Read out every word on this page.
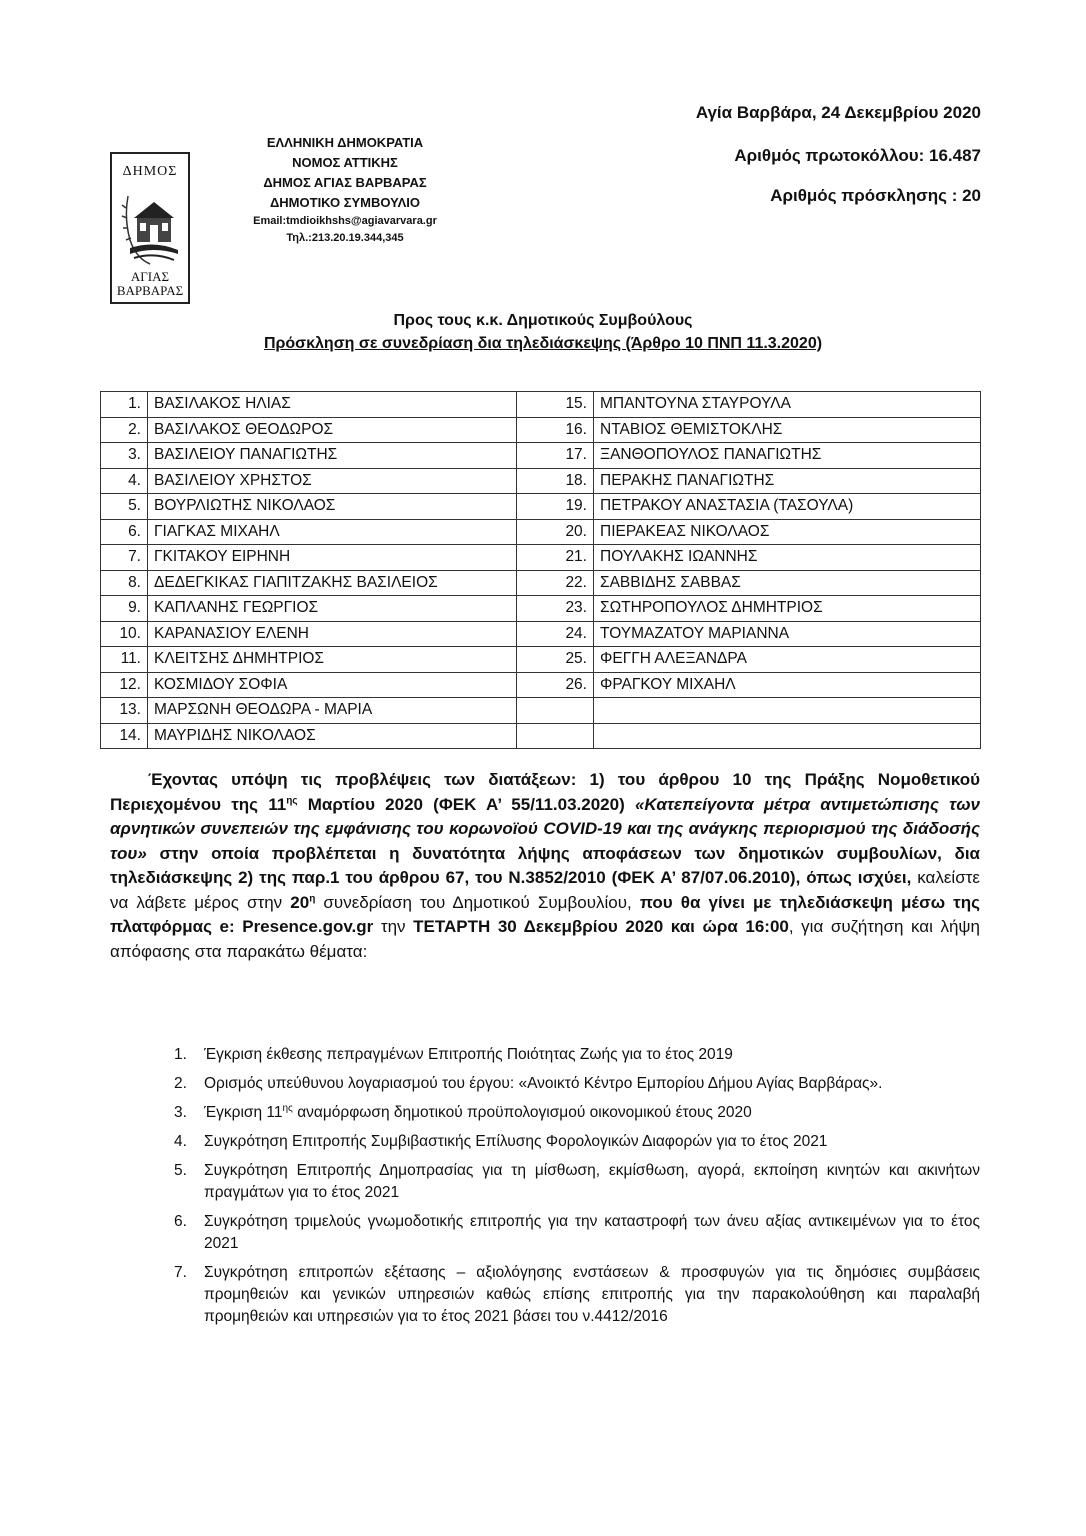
Αγία Βαρβάρα, 24 Δεκεμβρίου 2020
Αριθμός πρωτοκόλλου: 16.487
Αριθμός πρόσκλησης : 20
ΔΗΜΟΣ
ΑΓΙΑΣ
ΒΑΡΒΑΡΑΣ
ΕΛΛΗΝΙΚΗ ΔΗΜΟΚΡΑΤΙΑ
ΝΟΜΟΣ ΑΤΤΙΚΗΣ
ΔΗΜΟΣ ΑΓΙΑΣ ΒΑΡΒΑΡΑΣ
ΔΗΜΟΤΙΚΟ ΣΥΜΒΟΥΛΙΟ
Email:tmdioikhshs@agiavarvara.gr
Τηλ.:213.20.19.344,345
Προς τους κ.κ. Δημοτικούς Συμβούλους
Πρόσκληση σε συνεδρίαση δια τηλεδιάσκεψης (Άρθρο 10 ΠΝΠ 11.3.2020)
1.	ΒΑΣΙΛΑΚΟΣ ΗΛΙΑΣ	15.	ΜΠΑΝΤΟΥΝΑ ΣΤΑΥΡΟΥΛΑ
2.	ΒΑΣΙΛΑΚΟΣ ΘΕΟΔΩΡΟΣ	16.	ΝΤΑΒΙΟΣ ΘΕΜΙΣΤΟΚΛΗΣ
3.	ΒΑΣΙΛΕΙΟΥ ΠΑΝΑΓΙΩΤΗΣ	17.	ΞΑΝΘΟΠΟΥΛΟΣ ΠΑΝΑΓΙΩΤΗΣ
4.	ΒΑΣΙΛΕΙΟΥ ΧΡΗΣΤΟΣ	18.	ΠΕΡΑΚΗΣ ΠΑΝΑΓΙΩΤΗΣ
5.	ΒΟΥΡΛΙΩΤΗΣ ΝΙΚΟΛΑΟΣ	19.	ΠΕΤΡΑΚΟΥ ΑΝΑΣΤΑΣΙΑ (ΤΑΣΟΥΛΑ)
6.	ΓΙΑΓΚΑΣ ΜΙΧΑΗΛ	20.	ΠΙΕΡΑΚΕΑΣ ΝΙΚΟΛΑΟΣ
7.	ΓΚΙΤΑΚΟΥ ΕΙΡΗΝΗ	21.	ΠΟΥΛΑΚΗΣ ΙΩΑΝΝΗΣ
8.	ΔΕΔΕΓΚΙΚΑΣ ΓΙΑΠΙΤΖΑΚΗΣ ΒΑΣΙΛΕΙΟΣ	22.	ΣΑΒΒΙΔΗΣ ΣΑΒΒΑΣ
9.	ΚΑΠΛΑΝΗΣ ΓΕΩΡΓΙΟΣ	23.	ΣΩΤΗΡΟΠΟΥΛΟΣ ΔΗΜΗΤΡΙΟΣ
10.	ΚΑΡΑΝΑΣΙΟΥ ΕΛΕΝΗ	24.	ΤΟΥΜΑΖΑΤΟΥ ΜΑΡΙΑΝΝΑ
11.	ΚΛΕΙΤΣΗΣ ΔΗΜΗΤΡΙΟΣ	25.	ΦΕΓΓΗ ΑΛΕΞΑΝΔΡΑ
12.	ΚΟΣΜΙΔΟΥ ΣΟΦΙΑ	26.	ΦΡΑΓΚΟΥ ΜΙΧΑΗΛ
13.	ΜΑΡΣΩΝΗ ΘΕΟΔΩΡΑ - ΜΑΡΙΑ		
14.	ΜΑΥΡΙΔΗΣ ΝΙΚΟΛΑΟΣ		
Έχοντας υπόψη τις προβλέψεις των διατάξεων: 1) του άρθρου 10 της Πράξης Νομοθετικού Περιεχομένου της $11^{\eta\varsigma}$ Μαρτίου 2020 (ΦΕΚ Α’ 55/11.03.2020) «Κατεπείγοντα μέτρα αντιμετώπισης των αρνητικών συνεπειών της εμφάνισης του κορωνοϊού COVID-19 και της ανάγκης περιορισμού της διάδοσής του» στην οποία προβλέπεται η δυνατότητα λήψης αποφάσεων των δημοτικών συμβουλίων, δια τηλεδιάσκεψης 2) της παρ.1 του άρθρου 67, του Ν.3852/2010 (ΦΕΚ Α’ 87/07.06.2010), όπως ισχύει, καλείστε να λάβετε μέρος στην $20^\eta$ συνεδρίαση του Δημοτικού Συμβουλίου, που θα γίνει με τηλεδιάσκεψη μέσω της πλατφόρμας e: Presence.gov.gr την ΤΕΤΑΡΤΗ 30 Δεκεμβρίου 2020 και ώρα 16:00, για συζήτηση και λήψη απόφασης στα παρακάτω θέματα:
1. Έγκριση έκθεσης πεπραγμένων Επιτροπής Ποιότητας Ζωής για το έτος 2019
2. Ορισμός υπεύθυνου λογαριασμού του έργου: «Ανοικτό Κέντρο Εμπορίου Δήμου Αγίας Βαρβάρας».
3. Έγκριση $11^{\eta\varsigma}$ αναμόρφωση δημοτικού προϋπολογισμού οικονομικού έτους 2020
4. Συγκρότηση Επιτροπής Συμβιβαστικής Επίλυσης Φορολογικών Διαφορών για το έτος 2021
5. Συγκρότηση Επιτροπής Δημοπρασίας για τη μίσθωση, εκμίσθωση, αγορά, εκποίηση κινητών και ακινήτων πραγμάτων για το έτος 2021
6. Συγκρότηση τριμελούς γνωμοδοτικής επιτροπής για την καταστροφή των άνευ αξίας αντικειμένων για το έτος 2021
7. Συγκρότηση επιτροπών εξέτασης – αξιολόγησης ενστάσεων & προσφυγών για τις δημόσιες συμβάσεις προμηθειών και γενικών υπηρεσιών καθώς επίσης επιτροπής για την παρακολούθηση και παραλαβή προμηθειών και υπηρεσιών για το έτος 2021 βάσει του ν.4412/2016
